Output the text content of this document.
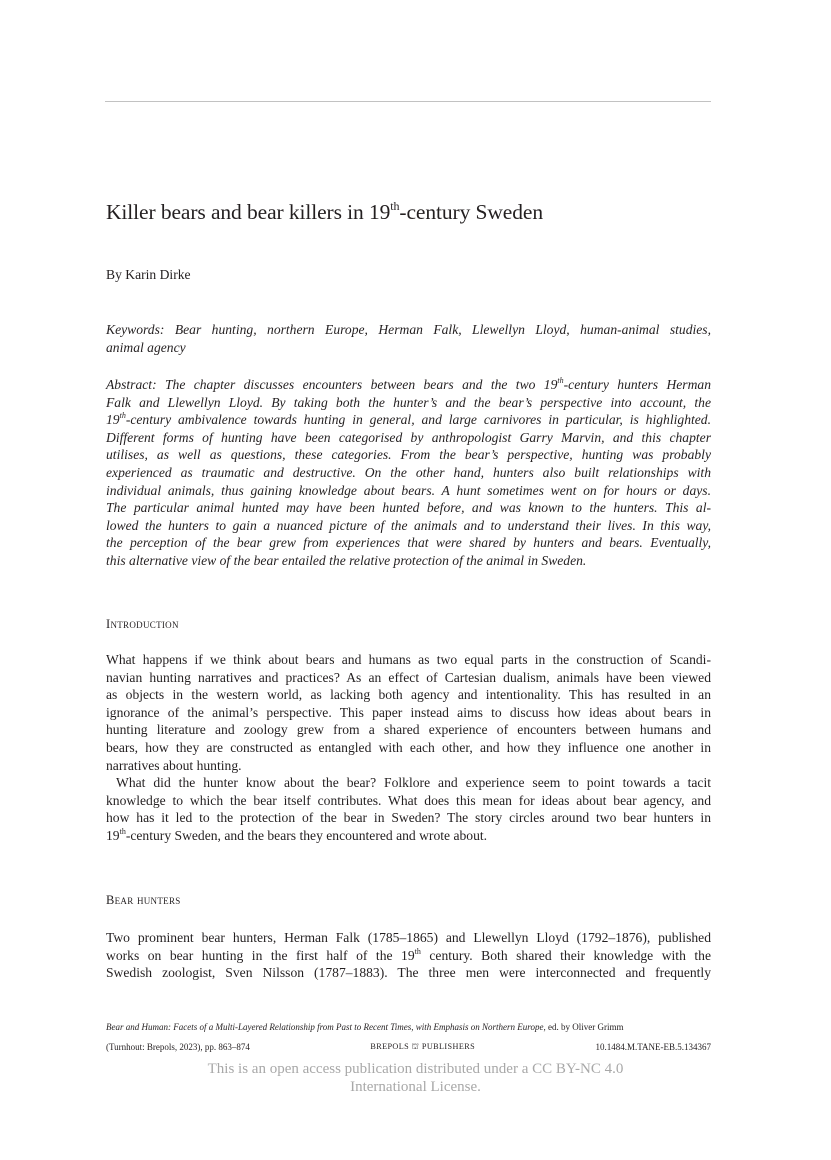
Killer bears and bear killers in 19th-century Sweden
By Karin Dirke
Keywords: Bear hunting, northern Europe, Herman Falk, Llewellyn Lloyd, human-animal studies,
animal agency
Abstract: The chapter discusses encounters between bears and the two 19th-century hunters Herman
Falk and Llewellyn Lloyd. By taking both the hunter’s and the bear’s perspective into account, the
19th-century ambivalence towards hunting in general, and large carnivores in particular, is highlighted.
Different forms of hunting have been categorised by anthropologist Garry Marvin, and this chapter
utilises, as well as questions, these categories. From the bear’s perspective, hunting was probably
experienced as traumatic and destructive. On the other hand, hunters also built relationships with
individual animals, thus gaining knowledge about bears. A hunt sometimes went on for hours or days.
The particular animal hunted may have been hunted before, and was known to the hunters. This al-
lowed the hunters to gain a nuanced picture of the animals and to understand their lives. In this way,
the perception of the bear grew from experiences that were shared by hunters and bears. Eventually,
this alternative view of the bear entailed the relative protection of the animal in Sweden.
Introduction
What happens if we think about bears and humans as two equal parts in the construction of Scandi-
navian hunting narratives and practices? As an effect of Cartesian dualism, animals have been viewed
as objects in the western world, as lacking both agency and intentionality. This has resulted in an
ignorance of the animal’s perspective. This paper instead aims to discuss how ideas about bears in
hunting literature and zoology grew from a shared experience of encounters between humans and
bears, how they are constructed as entangled with each other, and how they influence one another in
narratives about hunting.
What did the hunter know about the bear? Folklore and experience seem to point towards a tacit
knowledge to which the bear itself contributes. What does this mean for ideas about bear agency, and
how has it led to the protection of the bear in Sweden? The story circles around two bear hunters in
19th-century Sweden, and the bears they encountered and wrote about.
Bear hunters
Two prominent bear hunters, Herman Falk (1785–1865) and Llewellyn Lloyd (1792–1876), published
works on bear hunting in the first half of the 19th century. Both shared their knowledge with the
Swedish zoologist, Sven Nilsson (1787–1883). The three men were interconnected and frequently
Bear and Human: Facets of a Multi-Layered Relationship from Past to Recent Times, with Emphasis on Northern Europe, ed. by Oliver Grimm
(Turnhout: Brepols, 2023), pp. 863–874	BREPOLS ⛫ PUBLISHERS	10.1484.M.TANE-EB.5.134367
This is an open access publication distributed under a CC BY-NC 4.0
International License.
